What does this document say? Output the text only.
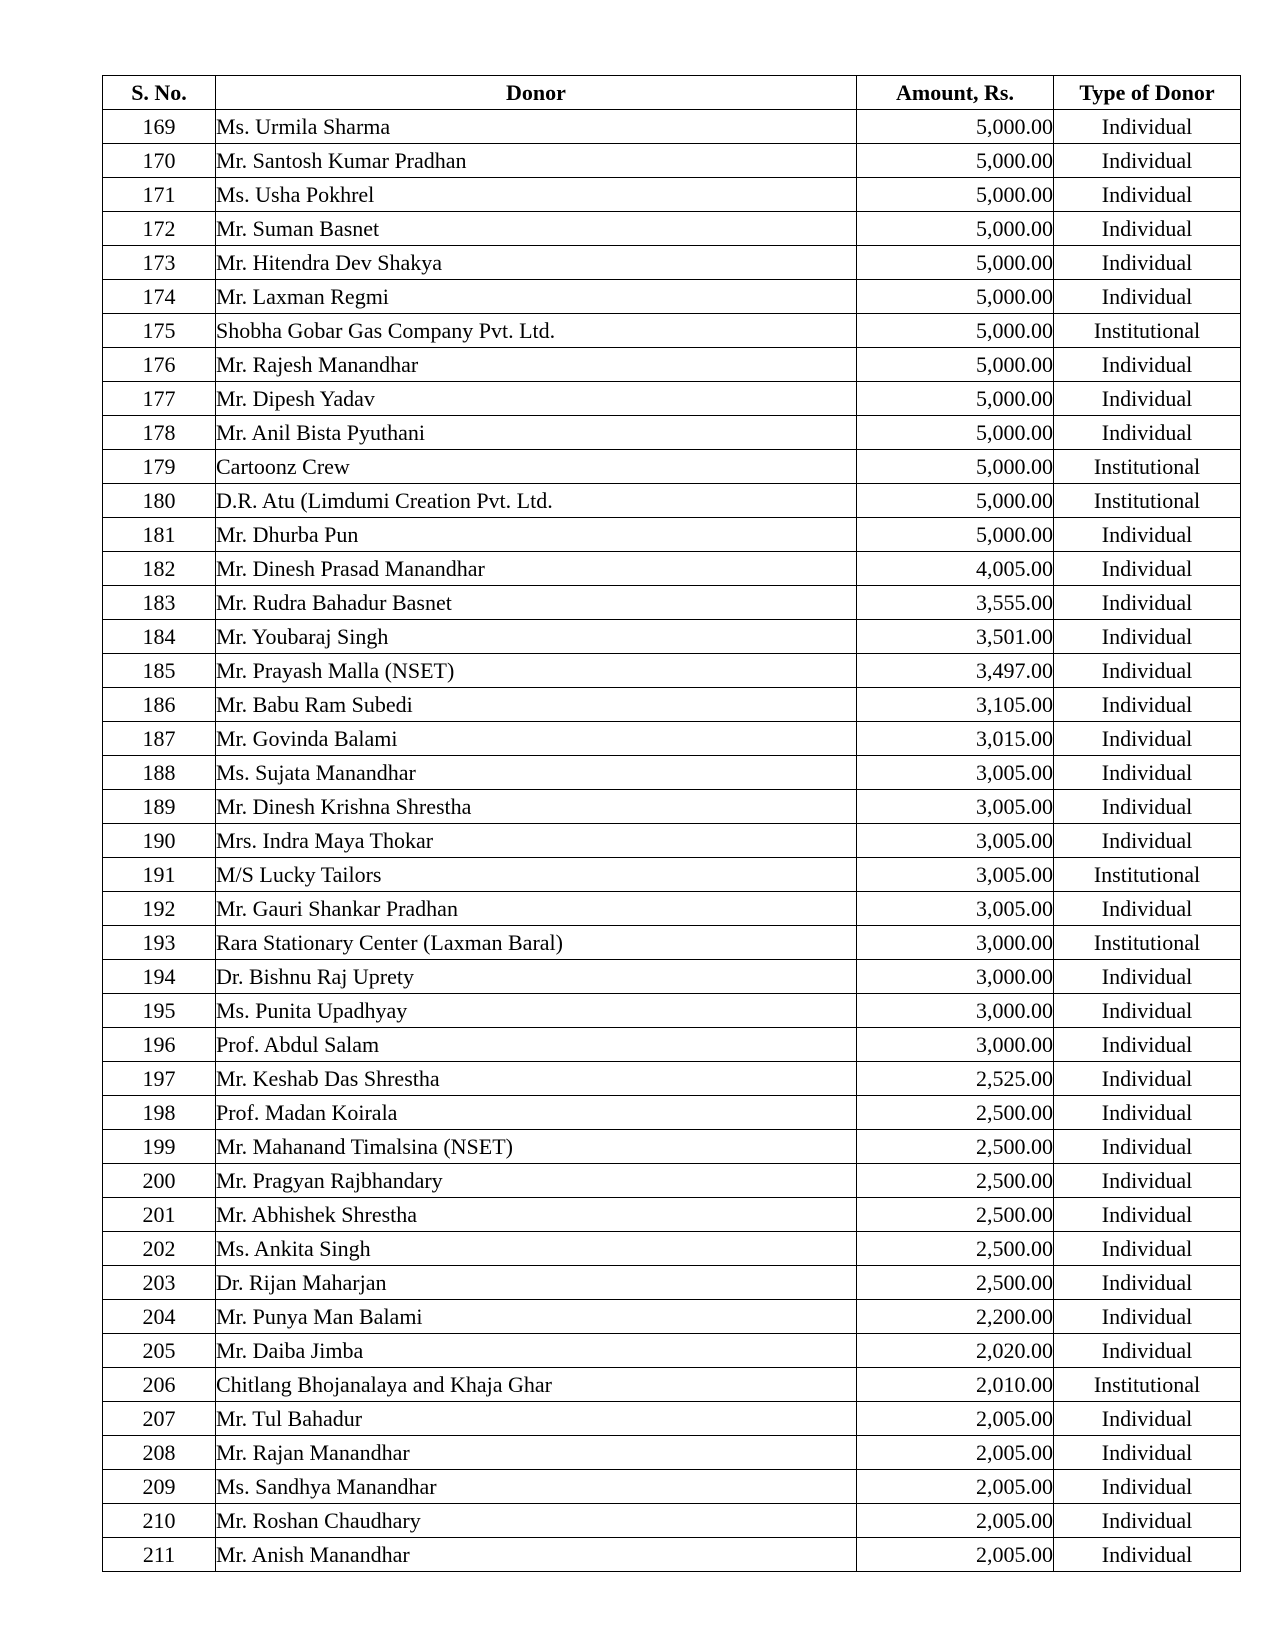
S. No.	Donor	Amount, Rs.	Type of Donor
169	Ms. Urmila Sharma	5,000.00	Individual
170	Mr. Santosh Kumar Pradhan	5,000.00	Individual
171	Ms. Usha Pokhrel	5,000.00	Individual
172	Mr. Suman Basnet	5,000.00	Individual
173	Mr. Hitendra Dev Shakya	5,000.00	Individual
174	Mr. Laxman Regmi	5,000.00	Individual
175	Shobha Gobar Gas Company Pvt. Ltd.	5,000.00	Institutional
176	Mr. Rajesh Manandhar	5,000.00	Individual
177	Mr. Dipesh Yadav	5,000.00	Individual
178	Mr. Anil Bista Pyuthani	5,000.00	Individual
179	Cartoonz Crew	5,000.00	Institutional
180	D.R. Atu (Limdumi Creation Pvt. Ltd.	5,000.00	Institutional
181	Mr. Dhurba Pun	5,000.00	Individual
182	Mr. Dinesh Prasad Manandhar	4,005.00	Individual
183	Mr. Rudra Bahadur Basnet	3,555.00	Individual
184	Mr. Youbaraj Singh	3,501.00	Individual
185	Mr. Prayash Malla (NSET)	3,497.00	Individual
186	Mr. Babu Ram Subedi	3,105.00	Individual
187	Mr. Govinda Balami	3,015.00	Individual
188	Ms. Sujata Manandhar	3,005.00	Individual
189	Mr. Dinesh Krishna Shrestha	3,005.00	Individual
190	Mrs. Indra Maya Thokar	3,005.00	Individual
191	M/S Lucky Tailors	3,005.00	Institutional
192	Mr. Gauri Shankar Pradhan	3,005.00	Individual
193	Rara Stationary Center (Laxman Baral)	3,000.00	Institutional
194	Dr. Bishnu Raj Uprety	3,000.00	Individual
195	Ms. Punita Upadhyay	3,000.00	Individual
196	Prof. Abdul Salam	3,000.00	Individual
197	Mr. Keshab Das Shrestha	2,525.00	Individual
198	Prof. Madan Koirala	2,500.00	Individual
199	Mr. Mahanand Timalsina (NSET)	2,500.00	Individual
200	Mr. Pragyan Rajbhandary	2,500.00	Individual
201	Mr. Abhishek Shrestha	2,500.00	Individual
202	Ms. Ankita Singh	2,500.00	Individual
203	Dr. Rijan Maharjan	2,500.00	Individual
204	Mr. Punya Man Balami	2,200.00	Individual
205	Mr. Daiba Jimba	2,020.00	Individual
206	Chitlang Bhojanalaya and Khaja Ghar	2,010.00	Institutional
207	Mr. Tul Bahadur	2,005.00	Individual
208	Mr. Rajan Manandhar	2,005.00	Individual
209	Ms. Sandhya Manandhar	2,005.00	Individual
210	Mr. Roshan Chaudhary	2,005.00	Individual
211	Mr. Anish Manandhar	2,005.00	Individual
